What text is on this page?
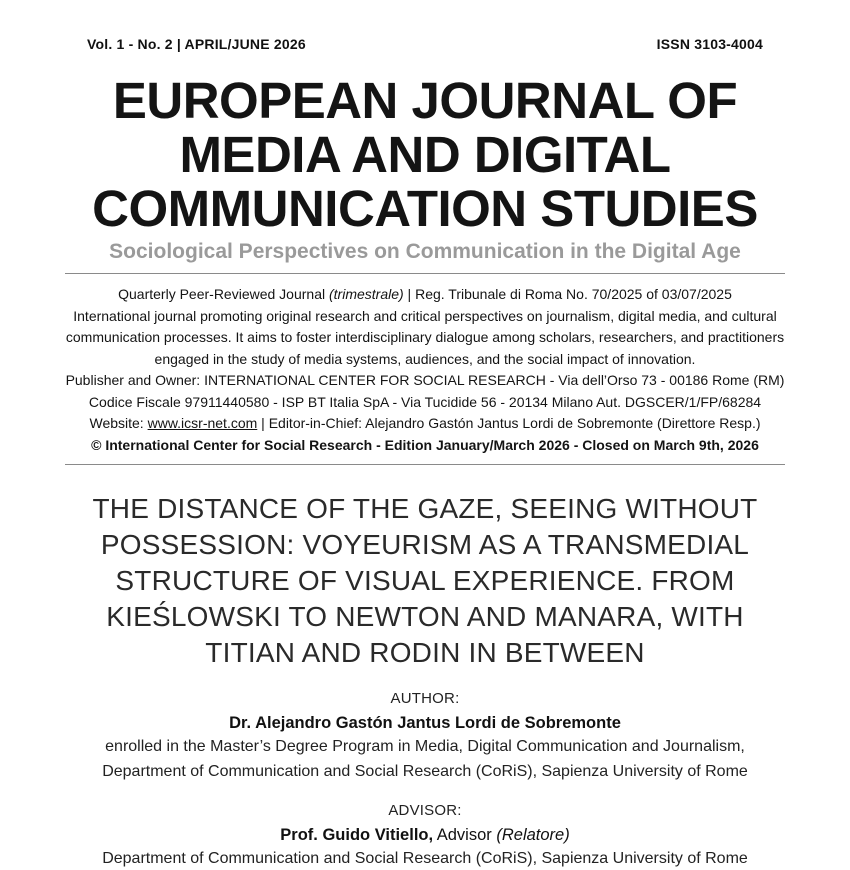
Vol. 1 - No. 2 | APRIL/JUNE 2026	ISSN 3103-4004
EUROPEAN JOURNAL OF
MEDIA AND DIGITAL
COMMUNICATION STUDIES
Sociological Perspectives on Communication in the Digital Age
Quarterly Peer-Reviewed Journal (trimestrale) | Reg. Tribunale di Roma No. 70/2025 of 03/07/2025
International journal promoting original research and critical perspectives on journalism, digital media, and cultural communication processes. It aims to foster interdisciplinary dialogue among scholars, researchers, and practitioners engaged in the study of media systems, audiences, and the social impact of innovation.
Publisher and Owner: INTERNATIONAL CENTER FOR SOCIAL RESEARCH - Via dell’Orso 73 - 00186 Rome (RM)
Codice Fiscale 97911440580 - ISP BT Italia SpA - Via Tucidide 56 - 20134 Milano Aut. DGSCER/1/FP/68284
Website: www.icsr-net.com | Editor-in-Chief: Alejandro Gastón Jantus Lordi de Sobremonte (Direttore Resp.)
© International Center for Social Research - Edition January/March 2026 - Closed on March 9th, 2026
THE DISTANCE OF THE GAZE, SEEING WITHOUT
POSSESSION: VOYEURISM AS A TRANSMEDIAL
STRUCTURE OF VISUAL EXPERIENCE. FROM
KIEŚLOWSKI TO NEWTON AND MANARA, WITH
TITIAN AND RODIN IN BETWEEN
AUTHOR:
Dr. Alejandro Gastón Jantus Lordi de Sobremonte
enrolled in the Master’s Degree Program in Media, Digital Communication and Journalism,
Department of Communication and Social Research (CoRiS), Sapienza University of Rome
ADVISOR:
Prof. Guido Vitiello, Advisor (Relatore)
Department of Communication and Social Research (CoRiS), Sapienza University of Rome
